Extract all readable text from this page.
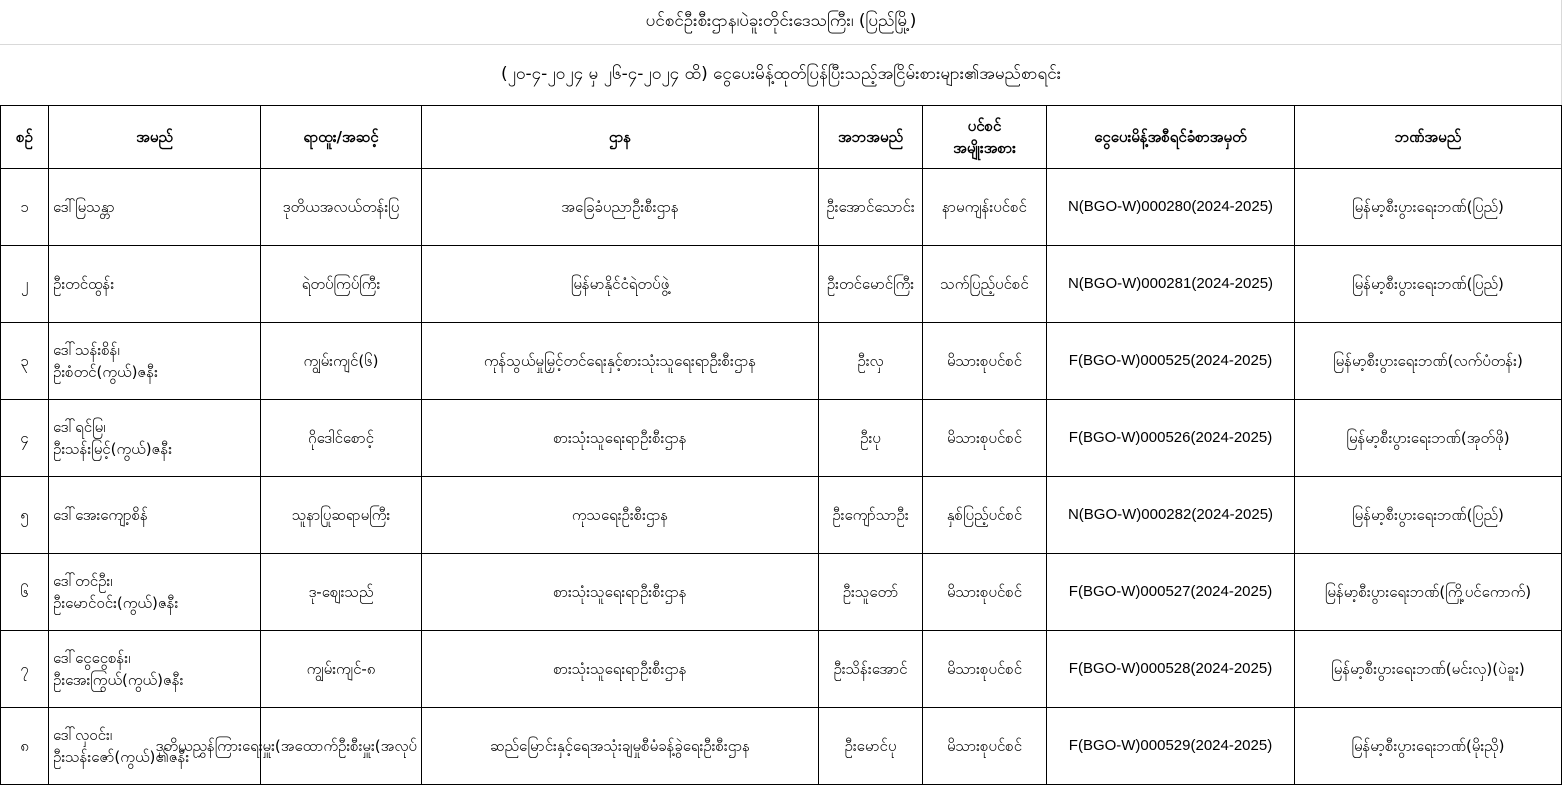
ပင်စင်ဦးစီးဌာန၊ပဲခူးတိုင်းဒေသကြီး၊ (ပြည်မြို့)
(၂၀-၄-၂၀၂၄ မှ ၂၆-၄-၂၀၂၄ ထိ) ငွေပေးမိန့်ထုတ်ပြန်ပြီးသည့်အငြိမ်းစားများ၏အမည်စာရင်း
စဉ်	အမည်	ရာထူး/အဆင့်	ဌာန	အဘအမည်	ပင်စင်
အမျိုးအစား	ငွေပေးမိန့်အစီရင်ခံစာအမှတ်	ဘဏ်အမည်
၁	ဒေါ်မြသန္တာ	ဒုတိယအလယ်တန်းပြ	အခြေခံပညာဦးစီးဌာန	ဦးအောင်သောင်း	နာမကျန်းပင်စင်	N(BGO-W)000280(2024-2025)	မြန်မာ့စီးပွားရေးဘဏ်(ပြည်)
၂	ဦးတင်ထွန်း	ရဲတပ်ကြပ်ကြီး	မြန်မာနိုင်ငံရဲတပ်ဖွဲ့	ဦးတင်မောင်ကြီး	သက်ပြည့်ပင်စင်	N(BGO-W)000281(2024-2025)	မြန်မာ့စီးပွားရေးဘဏ်(ပြည်)
၃	ဒေါ်သန်းစိန်၊
ဦးစံတင်(ကွယ်)ဇနီး	ကျွမ်းကျင်(၆)	ကုန်သွယ်မှုမြှင့်တင်ရေးနှင့်စားသုံးသူရေးရာဦးစီးဌာန	ဦးလှ	မိသားစုပင်စင်	F(BGO-W)000525(2024-2025)	မြန်မာ့စီးပွားရေးဘဏ်(လက်ပံတန်း)
၄	ဒေါ်ရင်မြ၊
ဦးသန်းမြင့်(ကွယ်)ဇနီး	ဂိုဒေါင်စောင့်	စားသုံးသူရေးရာဦးစီးဌာန	ဦးပု	မိသားစုပင်စင်	F(BGO-W)000526(2024-2025)	မြန်မာ့စီးပွားရေးဘဏ်(အုတ်ဖို)
၅	ဒေါ်အေးကျော့စိန်	သူနာပြုဆရာမကြီး	ကုသရေးဦးစီးဌာန	ဦးကျော်သာဦး	နှစ်ပြည့်ပင်စင်	N(BGO-W)000282(2024-2025)	မြန်မာ့စီးပွားရေးဘဏ်(ပြည်)
၆	ဒေါ်တင်ဦး၊
ဦးမောင်ဝင်း(ကွယ်)ဇနီး	ဒု-စျေးသည်	စားသုံးသူရေးရာဦးစီးဌာန	ဦးသူတော်	မိသားစုပင်စင်	F(BGO-W)000527(2024-2025)	မြန်မာ့စီးပွားရေးဘဏ်(ကြို့ပင်ကောက်)
၇	ဒေါ်ငွေငွေစန်း၊
ဦးအေးကြွယ်(ကွယ်)ဇနီး	ကျွမ်းကျင်-၈	စားသုံးသူရေးရာဦးစီးဌာန	ဦးသိန်းအောင်	မိသားစုပင်စင်	F(BGO-W)000528(2024-2025)	မြန်မာ့စီးပွားရေးဘဏ်(မင်းလှ)(ပဲခူး)
၈	ဒေါ်လှဝင်း၊
ဦးသန်းဇော်(ကွယ်)၏ဇနီး	ဒုတိယညွှန်ကြားရေးမှူး(အထောက်ဦးစီးမှူး(အလုပ်	ဆည်မြောင်းနှင့်ရေအသုံးချမှုစီမံခန့်ခွဲရေးဦးစီးဌာန	ဦးမောင်ပု	မိသားစုပင်စင်	F(BGO-W)000529(2024-2025)	မြန်မာ့စီးပွားရေးဘဏ်(မိုးညို)
